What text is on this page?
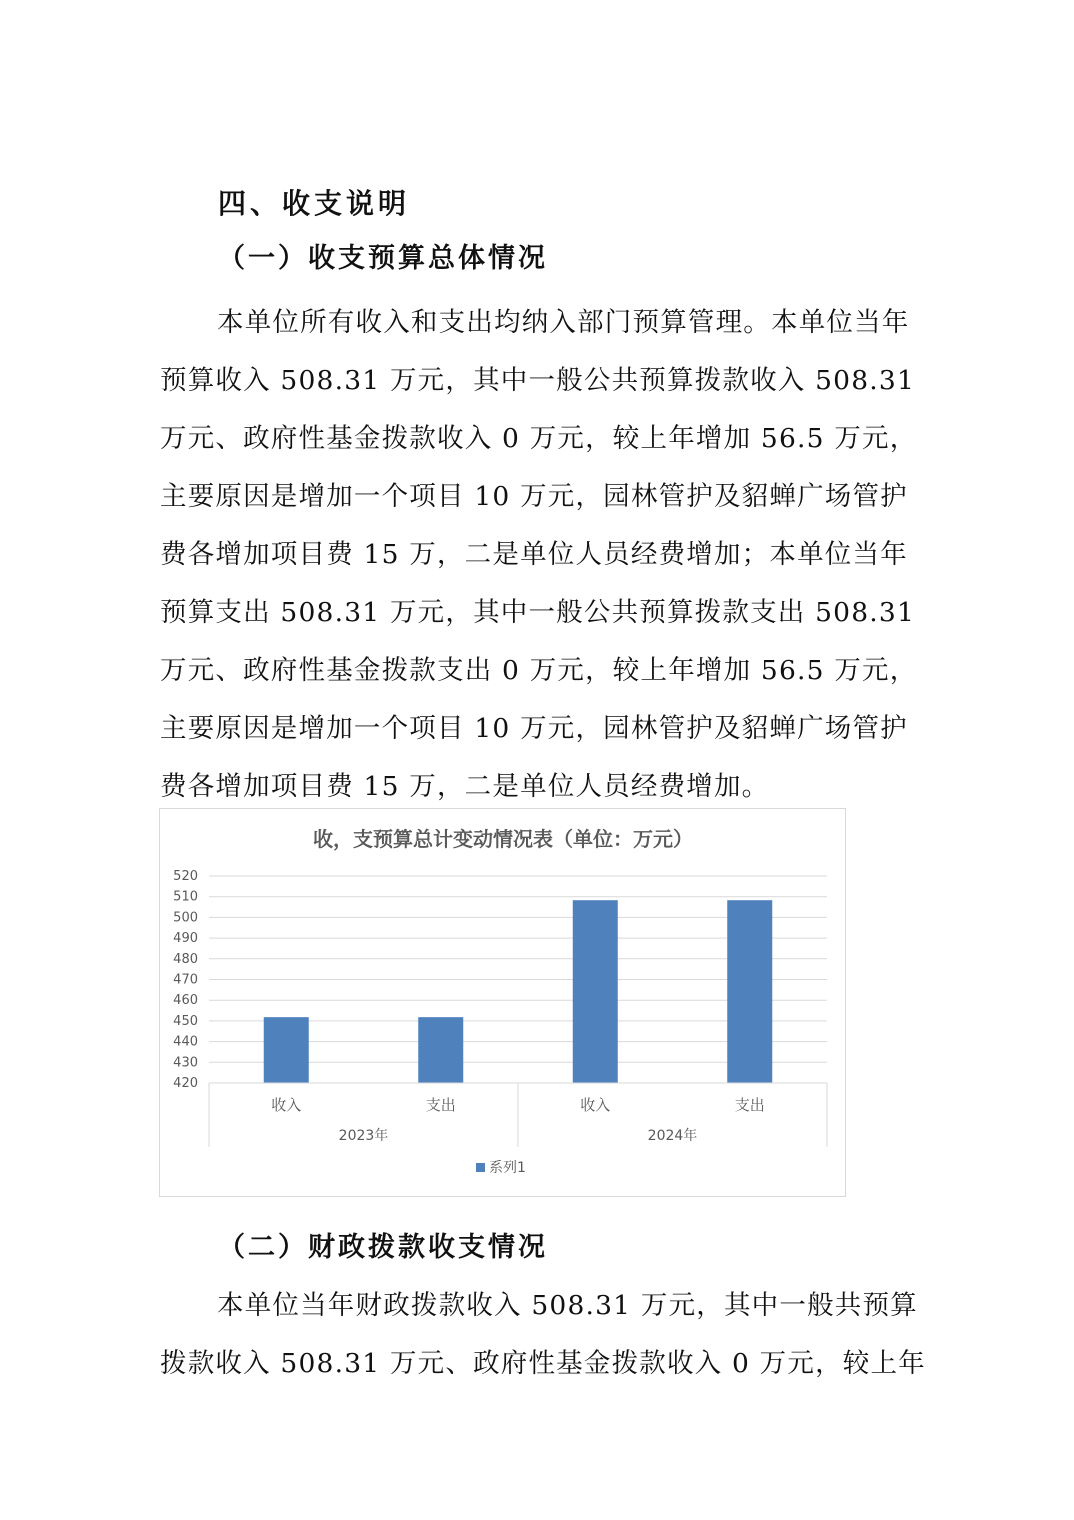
四、收支说明
（一）收支预算总体情况
本单位所有收入和支出均纳入部门预算管理。本单位当年
预算收入 508.31 万元，其中一般公共预算拨款收入 508.31
万元、政府性基金拨款收入 0 万元，较上年增加 56.5 万元，
主要原因是增加一个项目 10 万元，园林管护及貂蝉广场管护
费各增加项目费 15 万，二是单位人员经费增加；本单位当年
预算支出 508.31 万元，其中一般公共预算拨款支出 508.31
万元、政府性基金拨款支出 0 万元，较上年增加 56.5 万元，
主要原因是增加一个项目 10 万元，园林管护及貂蝉广场管护
费各增加项目费 15 万，二是单位人员经费增加。
收，支预算总计变动情况表（单位：万元）
420
430
440
450
460
470
480
490
500
510
520
收入	支出	收入	支出
2023年	2024年
系列1
（二）财政拨款收支情况
本单位当年财政拨款收入 508.31 万元，其中一般共预算
拨款收入 508.31 万元、政府性基金拨款收入 0 万元，较上年
